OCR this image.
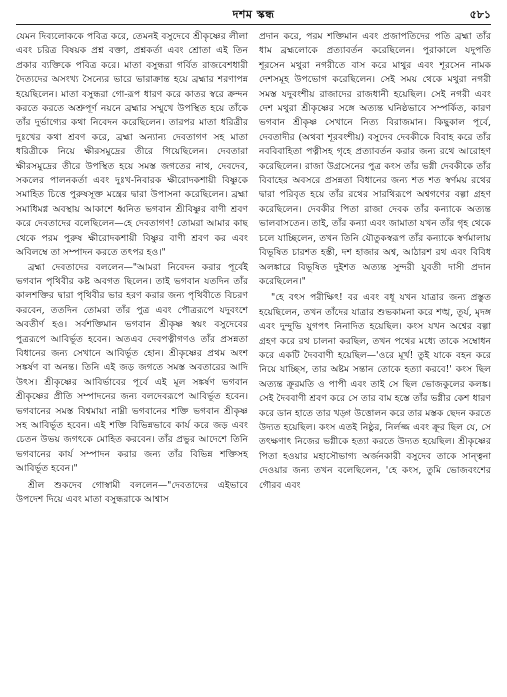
দশম স্কন্ধ	৫৮১

যেমন দিব্যলোককে পবিত্র করে, তেমনই বসুদেবে শ্রীকৃষ্ণের লীলা এবং চরিত্র বিষয়ক প্রশ্ন বক্তা, প্রশ্নকর্তা এবং শ্রোতা এই তিন প্রকার ব্যক্তিকে পবিত্র করে। মাতা বসুন্ধরা গর্বিত রাজবেশধারী দৈত্যদের অসংখ্য সৈন্যের ভারে ভারাক্রান্ত হয়ে ব্রহ্মার শরণাপন্ন হয়েছিলেন। মাতা বসুন্ধরা গো-রূপ ধারণ করে কাতর স্বরে ক্রন্দন করতে করতে অশ্রুপূর্ণ নয়নে ব্রহ্মার সম্মুখে উপস্থিত হয়ে তাঁকে তাঁর দুর্ভাগ্যের কথা নিবেদন করেছিলেন। তারপর মাতা ধরিত্রীর দুঃখের কথা শ্রবণ করে, ব্রহ্মা অন্যান্য দেবতাগণ সহ মাতা ধরিত্রীকে নিয়ে ক্ষীরসমুদ্রের তীরে গিয়েছিলেন। দেবতারা ক্ষীরসমুদ্রের তীরে উপস্থিত হয়ে সমস্ত জগতের নাথ, দেবদেব, সকলের পালনকর্তা এবং দুঃখ-নিবারক ক্ষীরোদকশায়ী বিষ্ণুকে সমাহিত চিত্তে পুরুষসূক্ত মন্ত্রের দ্বারা উপাসনা করেছিলেন। ব্রহ্মা সমাধিমগ্ন অবস্থায় আকাশে ধ্বনিত ভগবান শ্রীবিষ্ণুর বাণী শ্রবণ করে দেবতাদের বলেছিলেন—হে দেবতাগণ! তোমরা আমার কাছ থেকে পরম পুরুষ ক্ষীরোদকশায়ী বিষ্ণুর বাণী শ্রবণ কর এবং অবিলম্বে তা সম্পাদন করতে তৎপর হও।"

ব্রহ্মা দেবতাদের বললেন—"আমরা নিবেদন করার পূর্বেই ভগবান পৃথিবীর কষ্ট অবগত ছিলেন। তাই ভগবান যতদিন তাঁর কালশক্তির দ্বারা পৃথিবীর ভার হরণ করার জন্য পৃথিবীতে বিচরণ করবেন, ততদিন তোমরা তাঁর পুত্র এবং পৌত্ররূপে যদুবংশে অবতীর্ণ হও। সর্বশক্তিমান ভগবান শ্রীকৃষ্ণ স্বয়ং বসুদেবের পুত্ররূপে আবির্ভূত হবেন। অতএব দেবপত্নীগণও তাঁর প্রসন্নতা বিধানের জন্য সেখানে আবির্ভূত হোন। শ্রীকৃষ্ণের প্রথম অংশ সঙ্কর্ষণ বা অনন্ত। তিনি এই জড় জগতে সমস্ত অবতারের আদি উৎস। শ্রীকৃষ্ণের আবির্ভাবের পূর্বে এই মূল সঙ্কর্ষণ ভগবান শ্রীকৃষ্ণের প্রীতি সম্পাদনের জন্য বলদেবরূপে আবির্ভূত হবেন। ভগবানের সমস্ত বিশ্বমায়া নাম্নী ভগবানের শক্তি ভগবান শ্রীকৃষ্ণ সহ আবির্ভূত হবেন। এই শক্তি বিভিন্নভাবে কার্য করে জড় এবং চেতন উভয় জগৎকে মোহিত করবেন। তাঁর প্রভুর আদেশে তিনি ভগবানের কার্য সম্পাদন করার জন্য তাঁর বিভিন্ন শক্তিসহ আবির্ভূত হবেন।"

শ্রীল শুকদেব গোস্বামী বললেন—"দেবতাদের এইভাবে উপদেশ দিয়ে এবং মাতা বসুন্ধরাকে আশ্বাস

প্রদান করে, পরম শক্তিমান এবং প্রজাপতিদের পতি ব্রহ্মা তাঁর ধাম ব্রহ্মলোকে প্রত্যাবর্তন করেছিলেন। পুরাকালে যদুপতি শূরসেন মথুরা নগরীতে বাস করে মাথুর এবং শূরসেন নামক দেশসমূহ উপভোগ করেছিলেন। সেই সময় থেকে মথুরা নগরী সমস্ত যদুবংশীয় রাজাদের রাজধানী হয়েছিল। সেই নগরী এবং দেশ মথুরা শ্রীকৃষ্ণের সঙ্গে অত্যন্ত ঘনিষ্ঠভাবে সম্পর্কিত, কারণ ভগবান শ্রীকৃষ্ণ সেখানে নিত্য বিরাজমান। কিছুকাল পূর্বে, দেবতাদীর (অথবা শূরবংশীয়) বসুদেব দেবকীকে বিবাহ করে তাঁর নববিবাহিতা পত্নীসহ গৃহে প্রত্যাবর্তন করার জন্য রথে আরোহণ করেছিলেন। রাজা উগ্রসেনের পুত্র কংস তাঁর ভগ্নী দেবকীকে তাঁর বিবাহের অবসরে প্রসন্নতা বিধানের জন্য শত শত স্বর্ণময় রথের দ্বারা পরিবৃত হয়ে তাঁর রথের সারথিরূপে অশ্বগণের বল্গা গ্রহণ করেছিলেন। দেবকীর পিতা রাজা দেবক তাঁর কন্যাকে অত্যন্ত ভালবাসতেন। তাই, তাঁর কন্যা এবং জামাতা যখন তাঁর গৃহ থেকে চলে যাচ্ছিলেন, তখন তিনি যৌতুকস্বরূপ তাঁর কন্যাকে স্বর্ণমালায় বিভূষিত চারশত হস্তী, দশ হাজার অশ্ব, আঠারশ রথ এবং বিবিধ অলঙ্কারে বিভূষিত দুইশত অত্যন্ত সুন্দরী যুবতী দাসী প্রদান করেছিলেন।"

"হে বৎস পরীক্ষিৎ! বর এবং বধূ যখন যাত্রার জন্য প্রস্তুত হয়েছিলেন, তখন তাঁদের যাত্রার শুভকামনা করে শঙ্খ, তূর্য, মৃদঙ্গ এবং দুন্দুভি যুগপৎ নিনাদিত হয়েছিল। কংস যখন অশ্বের বল্গা গ্রহণ করে রথ চালনা করছিল, তখন পথের মধ্যে তাকে সম্বোধন করে একটি দৈববাণী হয়েছিল—'ওরে মূর্খ! তুই যাকে বহন করে নিয়ে যাচ্ছিস, তার অষ্টম সন্তান তোকে হত্যা করবে!' কংস ছিল অত্যন্ত ক্রূরমতি ও পাপী এবং তাই সে ছিল ভোজকুলের কলঙ্ক। সেই দৈববাণী শ্রবণ করে সে তার বাম হস্তে তাঁর ভগ্নীর কেশ ধারণ করে ডান হাতে তার খড়্গ উত্তোলন করে তার মস্তক ছেদন করতে উদ্যত হয়েছিল। কংস এতই নিষ্ঠুর, নির্লজ্জ এবং ক্রূর ছিল যে, সে তৎক্ষণাৎ নিজের ভগ্নীকে হত্যা করতে উদ্যত হয়েছিল। শ্রীকৃষ্ণের পিতা হওয়ার মহাসৌভাগ্য অর্জনকারী বসুদেব তাকে সান্ত্বনা দেওয়ার জন্য তখন বলেছিলেন, 'হে কংস, তুমি ভোজবংশের গৌরব এবং
